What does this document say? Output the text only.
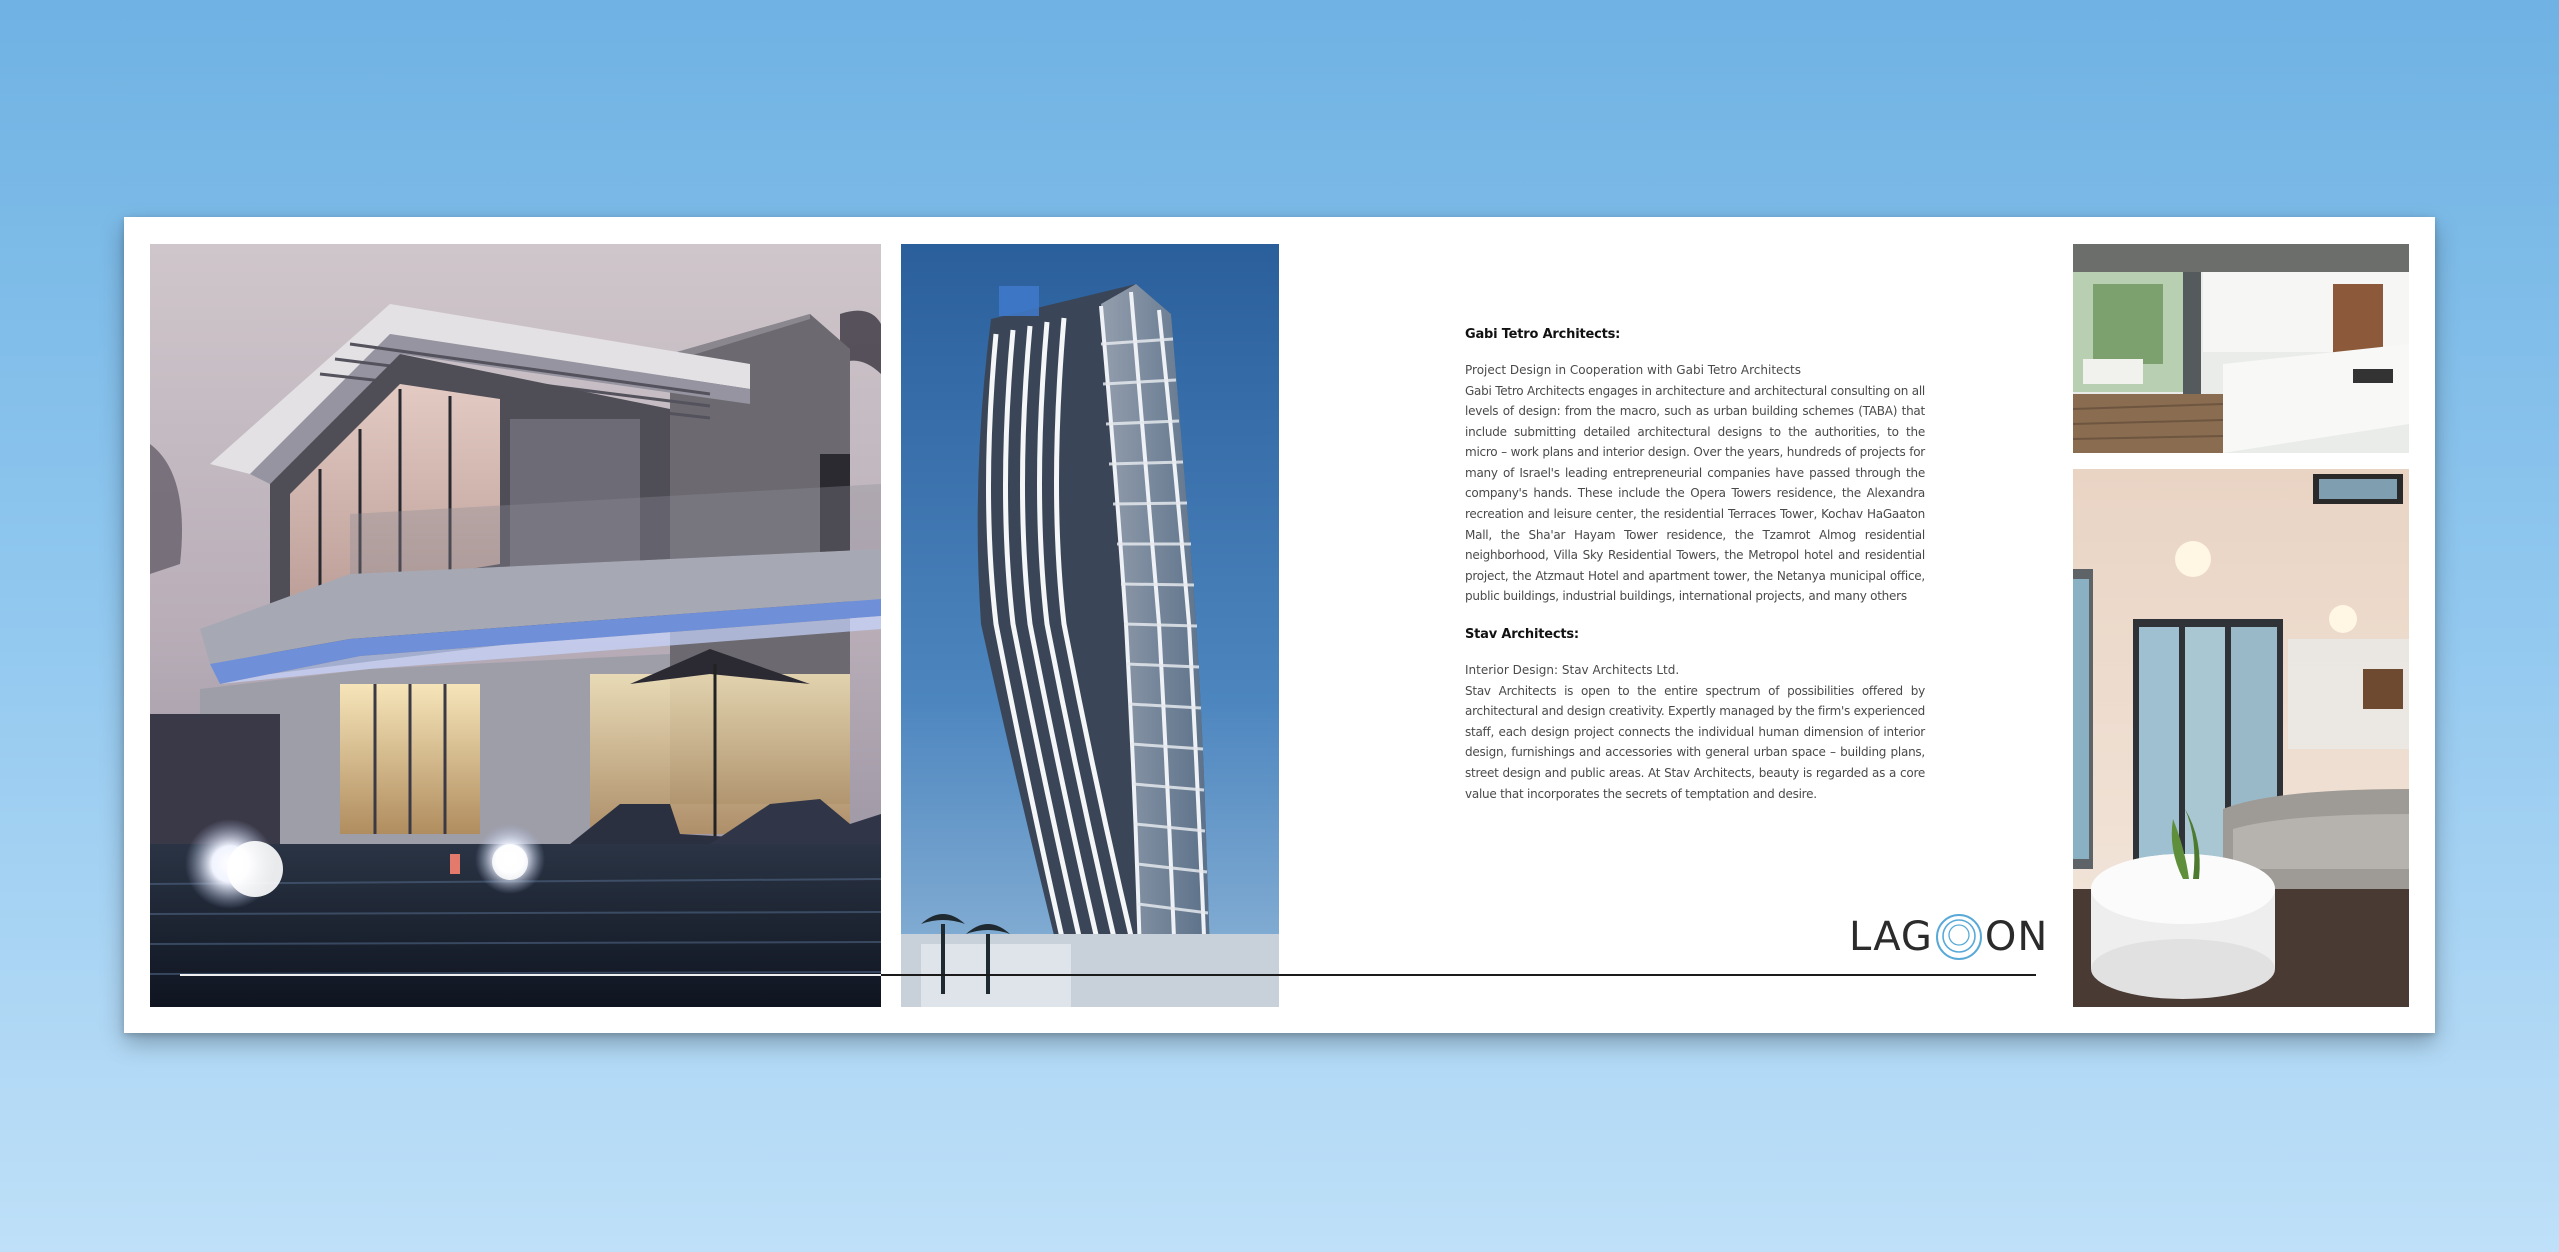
Gabi Tetro Architects:
Project Design in Cooperation with Gabi Tetro Architects

Gabi Tetro Architects engages in architecture and architectural consulting on all levels of design: from the macro, such as urban building schemes (TABA) that include submitting detailed architectural designs to the authorities, to the micro – work plans and interior design. Over the years, hundreds of projects for many of Israel's leading entrepreneurial companies have passed through the company's hands. These include the Opera Towers residence, the Alexandra recreation and leisure center, the residential Terraces Tower, Kochav HaGaaton Mall, the Sha'ar Hayam Tower residence, the Tzamrot Almog residential neighborhood, Villa Sky Residential Towers, the Metropol hotel and residential project, the Atzmaut Hotel and apartment tower, the Netanya municipal office, public buildings, industrial buildings, international projects, and many others

Stav Architects:
Interior Design: Stav Architects Ltd.

Stav Architects is open to the entire spectrum of possibilities offered by architectural and design creativity. Expertly managed by the firm's experienced staff, each design project connects the individual human dimension of interior design, furnishings and accessories with general urban space – building plans, street design and public areas. At Stav Architects, beauty is regarded as a core value that incorporates the secrets of temptation and desire.

LAG ON
